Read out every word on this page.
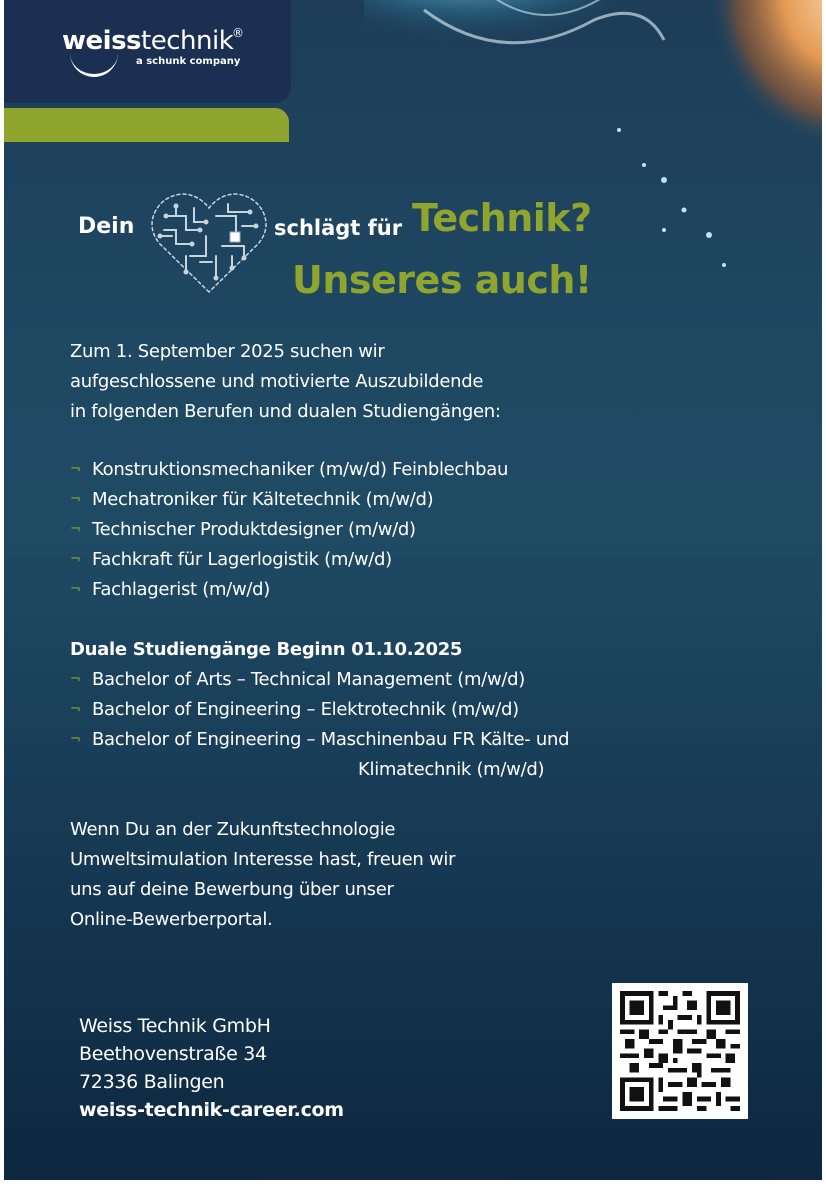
weisstechnik
®
a schunk company
Dein	schlägt für Technik?
Unseres auch!
Zum 1. September 2025 suchen wir
aufgeschlossene und motivierte Auszubildende
in folgenden Berufen und dualen Studiengängen:
¬ Konstruktionsmechaniker (m/w/d) Feinblechbau
¬ Mechatroniker für Kältetechnik (m/w/d)
¬ Technischer Produktdesigner (m/w/d)
¬ Fachkraft für Lagerlogistik (m/w/d)
¬ Fachlagerist (m/w/d)
Duale Studiengänge Beginn 01.10.2025
¬ Bachelor of Arts – Technical Management (m/w/d)
¬ Bachelor of Engineering – Elektrotechnik (m/w/d)
¬ Bachelor of Engineering – Maschinenbau FR Kälte- und
Klimatechnik (m/w/d)
Wenn Du an der Zukunftstechnologie
Umweltsimulation Interesse hast, freuen wir
uns auf deine Bewerbung über unser
Online-Bewerberportal.
Weiss Technik GmbH
Beethovenstraße 34
72336 Balingen
weiss-technik-career.com
